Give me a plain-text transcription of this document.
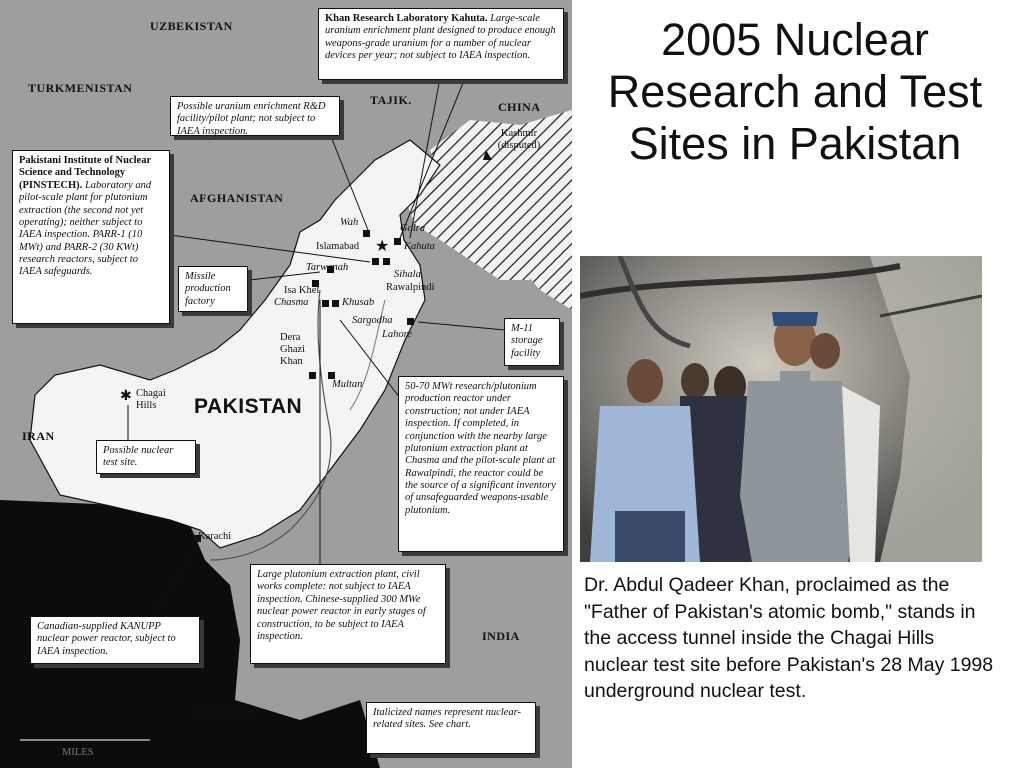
★
✱
UZBEKISTAN
TURKMENISTAN
TAJIK.	CHINA
AFGHANISTAN
IRAN
PAKISTAN
INDIA
Kashmir (disputed)
Arabian Sea
MILES
Wah
Golra
Islamabad	Kahuta
Tarwanah
Sihala
Rawalpindi
Isa Khel
Chasma	Khusab
Sargodha
Lahore
Dera Ghazi Khan
Multan
Chagai Hills
Karachi
Khan Research Laboratory Kahuta. Large-scale uranium enrichment plant designed to produce enough weapons-grade uranium for a number of nuclear devices per year; not subject to IAEA inspection.
Possible uranium enrichment R&D facility/pilot plant; not subject to IAEA inspection.
Pakistani Institute of Nuclear Science and Technology (PINSTECH). Laboratory and pilot-scale plant for plutonium extraction (the second not yet operating); neither subject to IAEA inspection. PARR-1 (10 MWt) and PARR-2 (30 KWt) research reactors, subject to IAEA safeguards.	Missile production factory
M-11 storage facility
Possible nuclear test site.
50-70 MWt research/plutonium production reactor under construction; not under IAEA inspection. If completed, in conjunction with the nearby large plutonium extraction plant at Chasma and the pilot-scale plant at Rawalpindi, the reactor could be the source of a significant inventory of unsafeguarded weapons-usable plutonium.
Large plutonium extraction plant, civil works complete: not subject to IAEA inspection. Chinese-supplied 300 MWe nuclear power reactor in early stages of construction, to be subject to IAEA inspection.
Canadian-supplied KANUPP nuclear power reactor, subject to IAEA inspection.
Italicized names represent nuclear-related sites. See chart.
2005 Nuclear Research and Test Sites in Pakistan
Dr. Abdul Qadeer Khan, proclaimed as the "Father of Pakistan's atomic bomb," stands in the access tunnel inside the Chagai Hills nuclear test site before Pakistan's 28 May 1998 underground nuclear test.
